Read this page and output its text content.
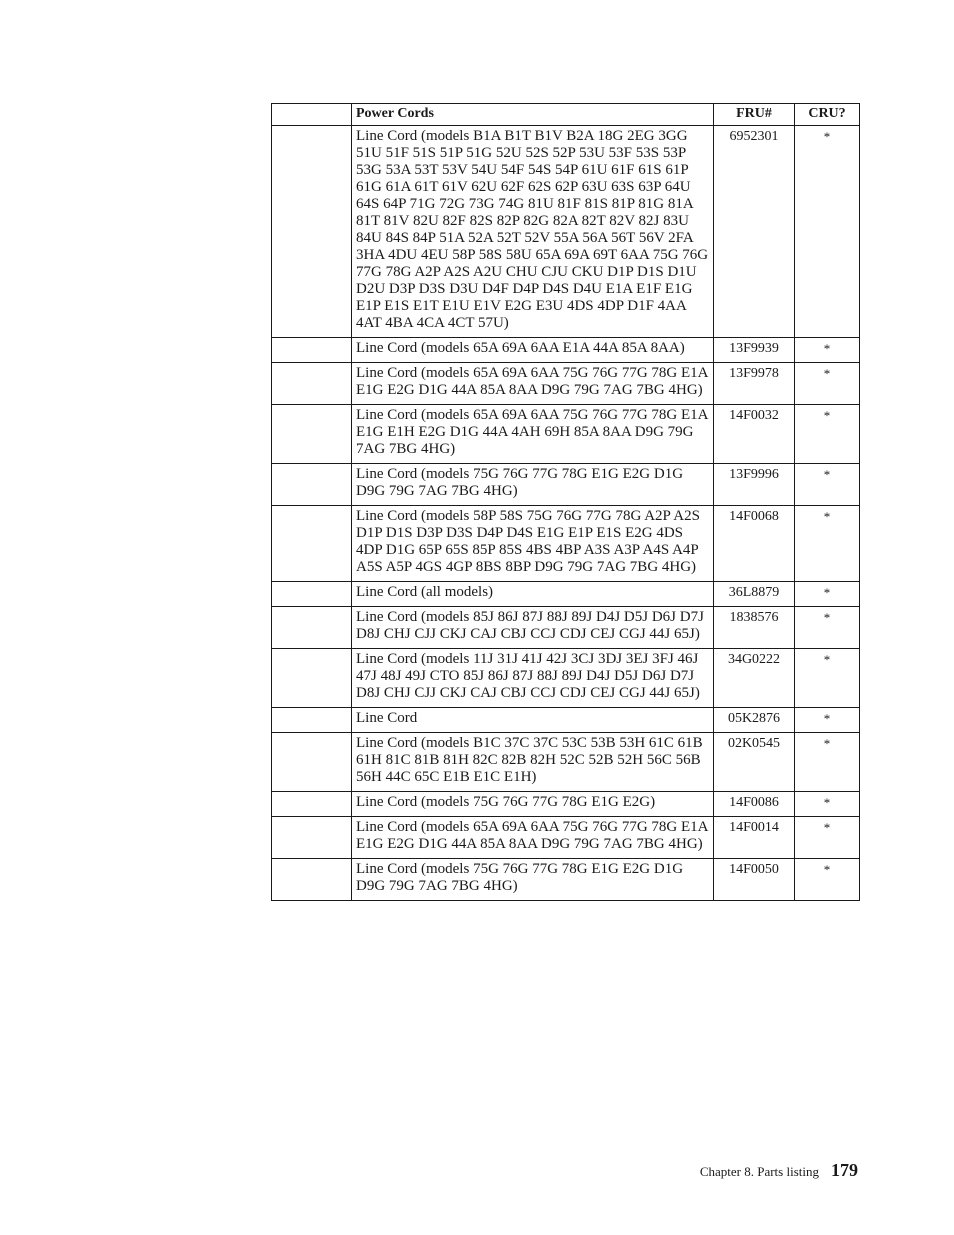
	Power Cords	FRU#	CRU?
	Line Cord (models B1A B1T B1V B2A 18G 2EG 3GG 51U 51F 51S 51P 51G 52U 52S 52P 53U 53F 53S 53P 53G 53A 53T 53V 54U 54F 54S 54P 61U 61F 61S 61P 61G 61A 61T 61V 62U 62F 62S 62P 63U 63S 63P 64U 64S 64P 71G 72G 73G 74G 81U 81F 81S 81P 81G 81A 81T 81V 82U 82F 82S 82P 82G 82A 82T 82V 82J 83U 84U 84S 84P 51A 52A 52T 52V 55A 56A 56T 56V 2FA 3HA 4DU 4EU 58P 58S 58U 65A 69A 69T 6AA 75G 76G 77G 78G A2P A2S A2U CHU CJU CKU D1P D1S D1U D2U D3P D3S D3U D4F D4P D4S D4U E1A E1F E1G E1P E1S E1T E1U E1V E2G E3U 4DS 4DP D1F 4AA 4AT 4BA 4CA 4CT 57U)	6952301	*
	Line Cord (models 65A 69A 6AA E1A 44A 85A 8AA)	13F9939	*
	Line Cord (models 65A 69A 6AA 75G 76G 77G 78G E1A E1G E2G D1G 44A 85A 8AA D9G 79G 7AG 7BG 4HG)	13F9978	*
	Line Cord (models 65A 69A 6AA 75G 76G 77G 78G E1A E1G E1H E2G D1G 44A 4AH 69H 85A 8AA D9G 79G 7AG 7BG 4HG)	14F0032	*
	Line Cord (models 75G 76G 77G 78G E1G E2G D1G D9G 79G 7AG 7BG 4HG)	13F9996	*
	Line Cord (models 58P 58S 75G 76G 77G 78G A2P A2S D1P D1S D3P D3S D4P D4S E1G E1P E1S E2G 4DS 4DP D1G 65P 65S 85P 85S 4BS 4BP A3S A3P A4S A4P A5S A5P 4GS 4GP 8BS 8BP D9G 79G 7AG 7BG 4HG)	14F0068	*
	Line Cord (all models)	36L8879	*
	Line Cord (models 85J 86J 87J 88J 89J D4J D5J D6J D7J D8J CHJ CJJ CKJ CAJ CBJ CCJ CDJ CEJ CGJ 44J 65J)	1838576	*
	Line Cord (models 11J 31J 41J 42J 3CJ 3DJ 3EJ 3FJ 46J 47J 48J 49J CTO 85J 86J 87J 88J 89J D4J D5J D6J D7J D8J CHJ CJJ CKJ CAJ CBJ CCJ CDJ CEJ CGJ 44J 65J)	34G0222	*
	Line Cord	05K2876	*
	Line Cord (models B1C 37C 37C 53C 53B 53H 61C 61B 61H 81C 81B 81H 82C 82B 82H 52C 52B 52H 56C 56B 56H 44C 65C E1B E1C E1H)	02K0545	*
	Line Cord (models 75G 76G 77G 78G E1G E2G)	14F0086	*
	Line Cord (models 65A 69A 6AA 75G 76G 77G 78G E1A E1G E2G D1G 44A 85A 8AA D9G 79G 7AG 7BG 4HG)	14F0014	*
	Line Cord (models 75G 76G 77G 78G E1G E2G D1G D9G 79G 7AG 7BG 4HG)	14F0050	*
Chapter 8. Parts listing 179
